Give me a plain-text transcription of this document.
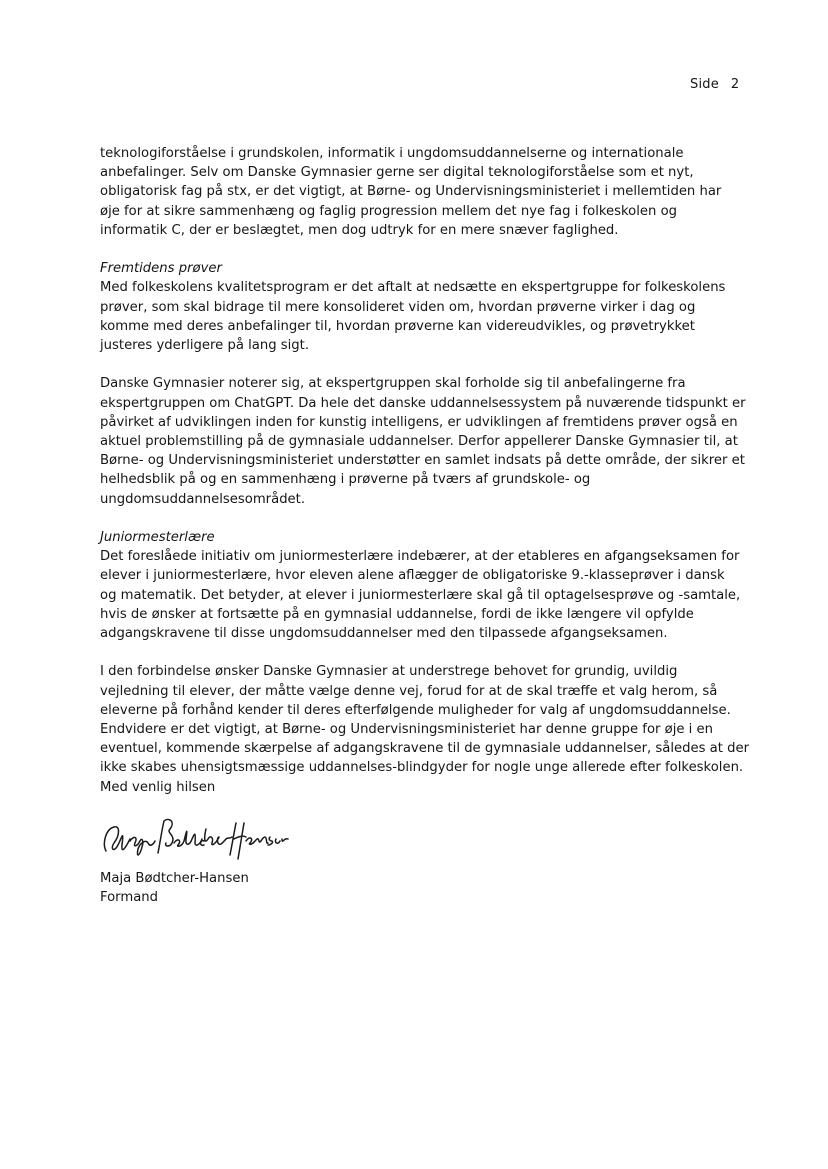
Side 2

teknologiforståelse i grundskolen, informatik i ungdomsuddannelserne og internationale
anbefalinger. Selv om Danske Gymnasier gerne ser digital teknologiforståelse som et nyt,
obligatorisk fag på stx, er det vigtigt, at Børne- og Undervisningsministeriet i mellemtiden har
øje for at sikre sammenhæng og faglig progression mellem det nye fag i folkeskolen og
informatik C, der er beslægtet, men dog udtryk for en mere snæver faglighed.

Fremtidens prøver

Med folkeskolens kvalitetsprogram er det aftalt at nedsætte en ekspertgruppe for folkeskolens
prøver, som skal bidrage til mere konsolideret viden om, hvordan prøverne virker i dag og
komme med deres anbefalinger til, hvordan prøverne kan videreudvikles, og prøvetrykket
justeres yderligere på lang sigt.

Danske Gymnasier noterer sig, at ekspertgruppen skal forholde sig til anbefalingerne fra
ekspertgruppen om ChatGPT. Da hele det danske uddannelsessystem på nuværende tidspunkt er
påvirket af udviklingen inden for kunstig intelligens, er udviklingen af fremtidens prøver også en
aktuel problemstilling på de gymnasiale uddannelser. Derfor appellerer Danske Gymnasier til, at
Børne- og Undervisningsministeriet understøtter en samlet indsats på dette område, der sikrer et
helhedsblik på og en sammenhæng i prøverne på tværs af grundskole- og
ungdomsuddannelsesområdet.

Juniormesterlære

Det foreslåede initiativ om juniormesterlære indebærer, at der etableres en afgangseksamen for
elever i juniormesterlære, hvor eleven alene aflægger de obligatoriske 9.-klasseprøver i dansk
og matematik. Det betyder, at elever i juniormesterlære skal gå til optagelsesprøve og -samtale,
hvis de ønsker at fortsætte på en gymnasial uddannelse, fordi de ikke længere vil opfylde
adgangskravene til disse ungdomsuddannelser med den tilpassede afgangseksamen.

I den forbindelse ønsker Danske Gymnasier at understrege behovet for grundig, uvildig
vejledning til elever, der måtte vælge denne vej, forud for at de skal træffe et valg herom, så
eleverne på forhånd kender til deres efterfølgende muligheder for valg af ungdomsuddannelse.
Endvidere er det vigtigt, at Børne- og Undervisningsministeriet har denne gruppe for øje i en
eventuel, kommende skærpelse af adgangskravene til de gymnasiale uddannelser, således at der
ikke skabes uhensigtsmæssige uddannelses-blindgyder for nogle unge allerede efter folkeskolen.

Med venlig hilsen

Maja Bødtcher-Hansen
Formand
